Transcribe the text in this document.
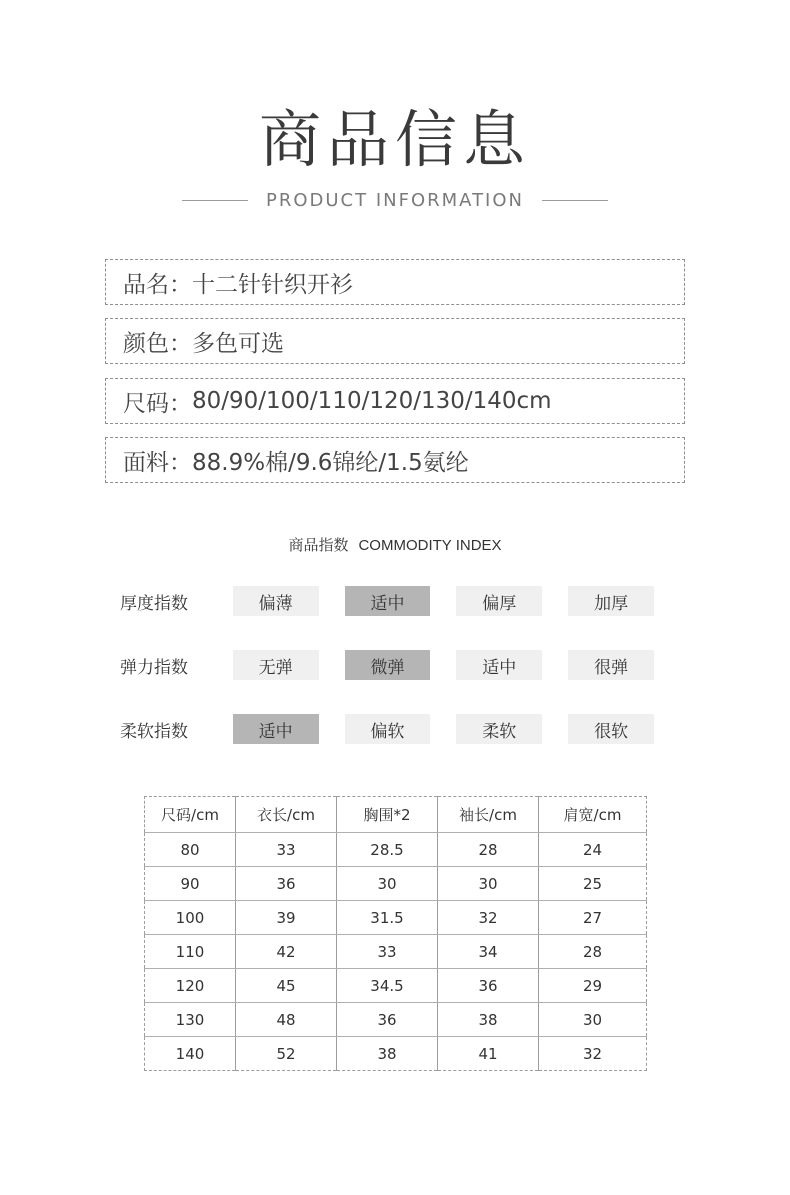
商品信息
PRODUCT INFORMATION
品名： 十二针针织开衫
颜色： 多色可选
尺码： 80/90/100/110/120/130/140cm
面料： 88.9%棉/9.6锦纶/1.5氨纶
商品指数 COMMODITY INDEX
厚度指数	偏薄	适中	偏厚	加厚
弹力指数	无弹	微弹	适中	很弹
柔软指数	适中	偏软	柔软	很软
尺码/cm	衣长/cm	胸围*2	袖长/cm	肩宽/cm
80	33	28.5	28	24
90	36	30	30	25
100	39	31.5	32	27
110	42	33	34	28
120	45	34.5	36	29
130	48	36	38	30
140	52	38	41	32
